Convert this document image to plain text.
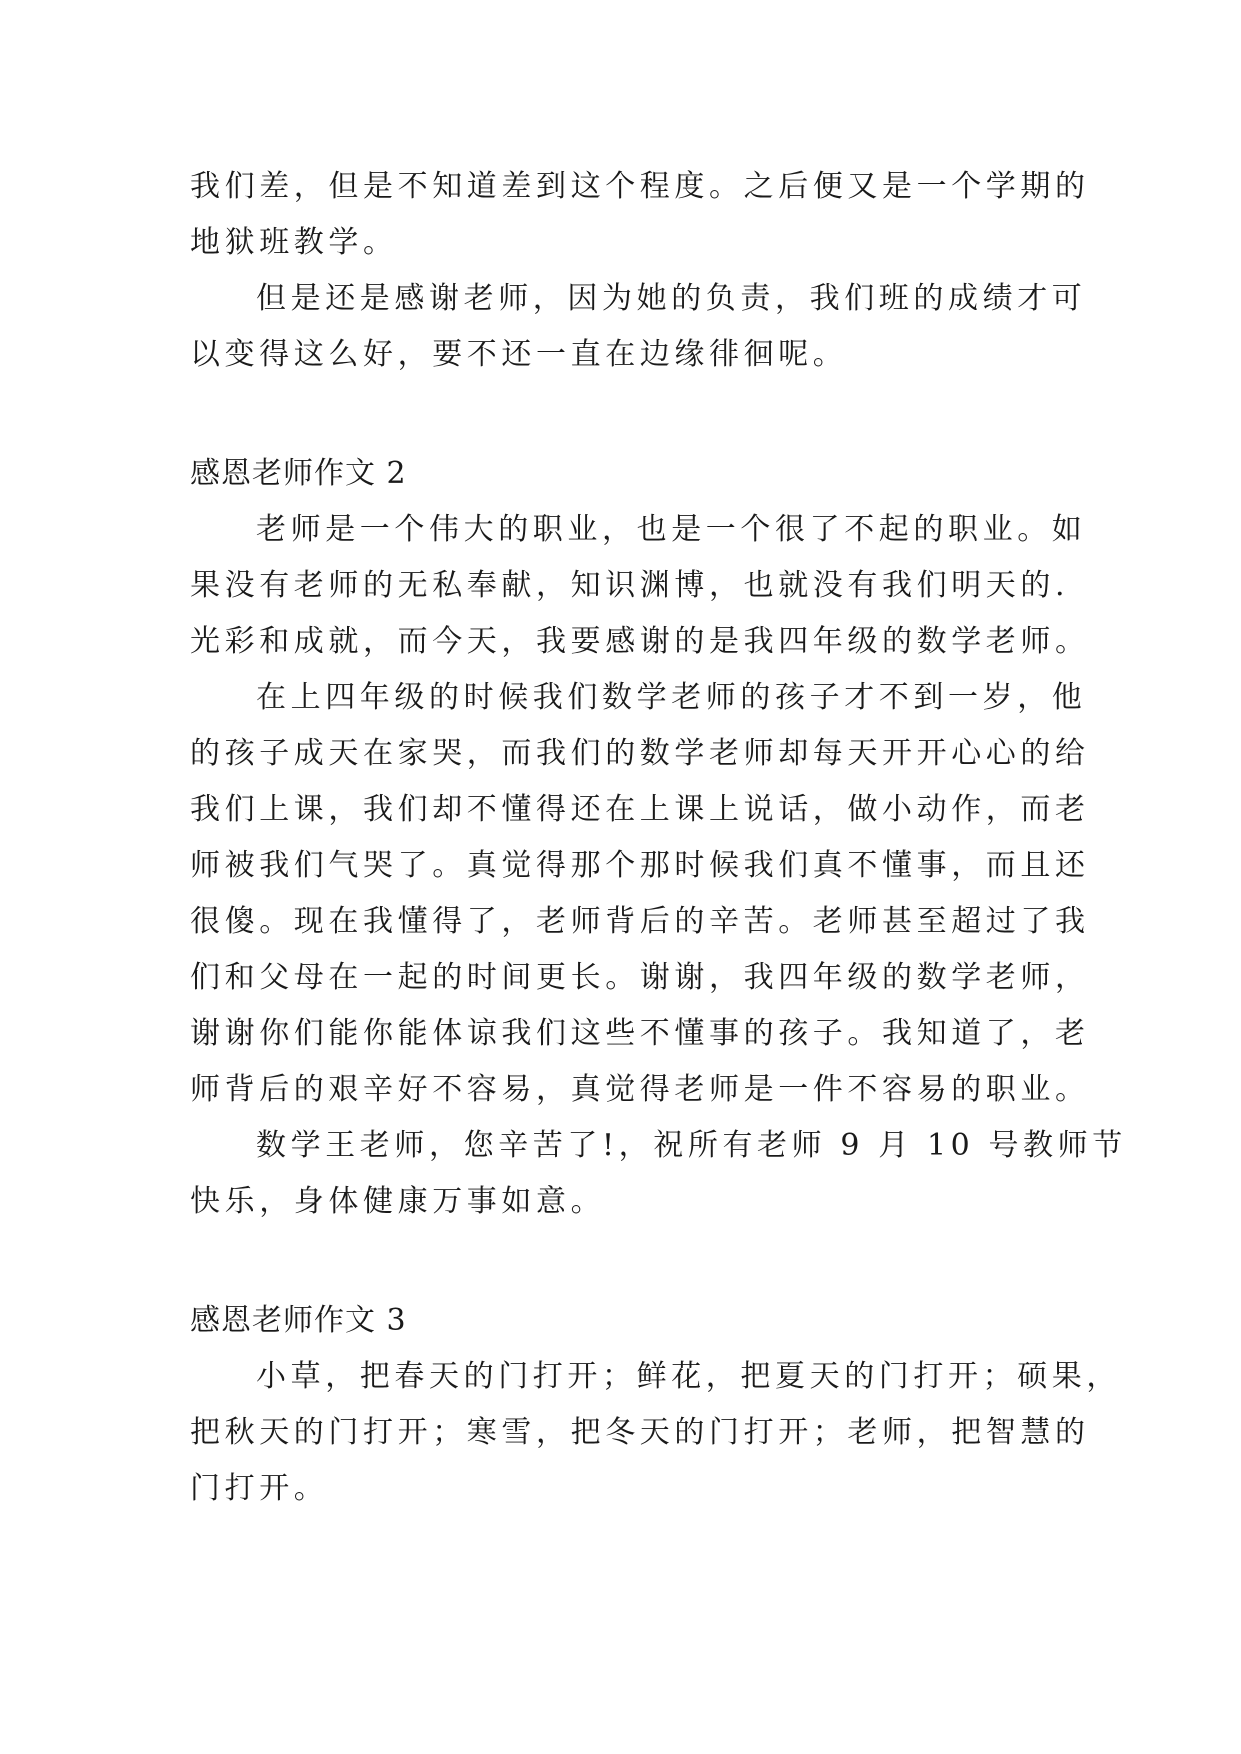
我们差，但是不知道差到这个程度。之后便又是一个学期的
地狱班教学。
但是还是感谢老师，因为她的负责，我们班的成绩才可
以变得这么好，要不还一直在边缘徘徊呢。
感恩老师作文 2
老师是一个伟大的职业，也是一个很了不起的职业。如
果没有老师的无私奉献，知识渊博，也就没有我们明天的.
光彩和成就，而今天，我要感谢的是我四年级的数学老师。
在上四年级的时候我们数学老师的孩子才不到一岁，他
的孩子成天在家哭，而我们的数学老师却每天开开心心的给
我们上课，我们却不懂得还在上课上说话，做小动作，而老
师被我们气哭了。真觉得那个那时候我们真不懂事，而且还
很傻。现在我懂得了，老师背后的辛苦。老师甚至超过了我
们和父母在一起的时间更长。谢谢，我四年级的数学老师，
谢谢你们能你能体谅我们这些不懂事的孩子。我知道了，老
师背后的艰辛好不容易，真觉得老师是一件不容易的职业。
数学王老师，您辛苦了!，祝所有老师 9 月 10 号教师节
快乐，身体健康万事如意。
感恩老师作文 3
小草，把春天的门打开；鲜花，把夏天的门打开；硕果，
把秋天的门打开；寒雪，把冬天的门打开；老师，把智慧的
门打开。
